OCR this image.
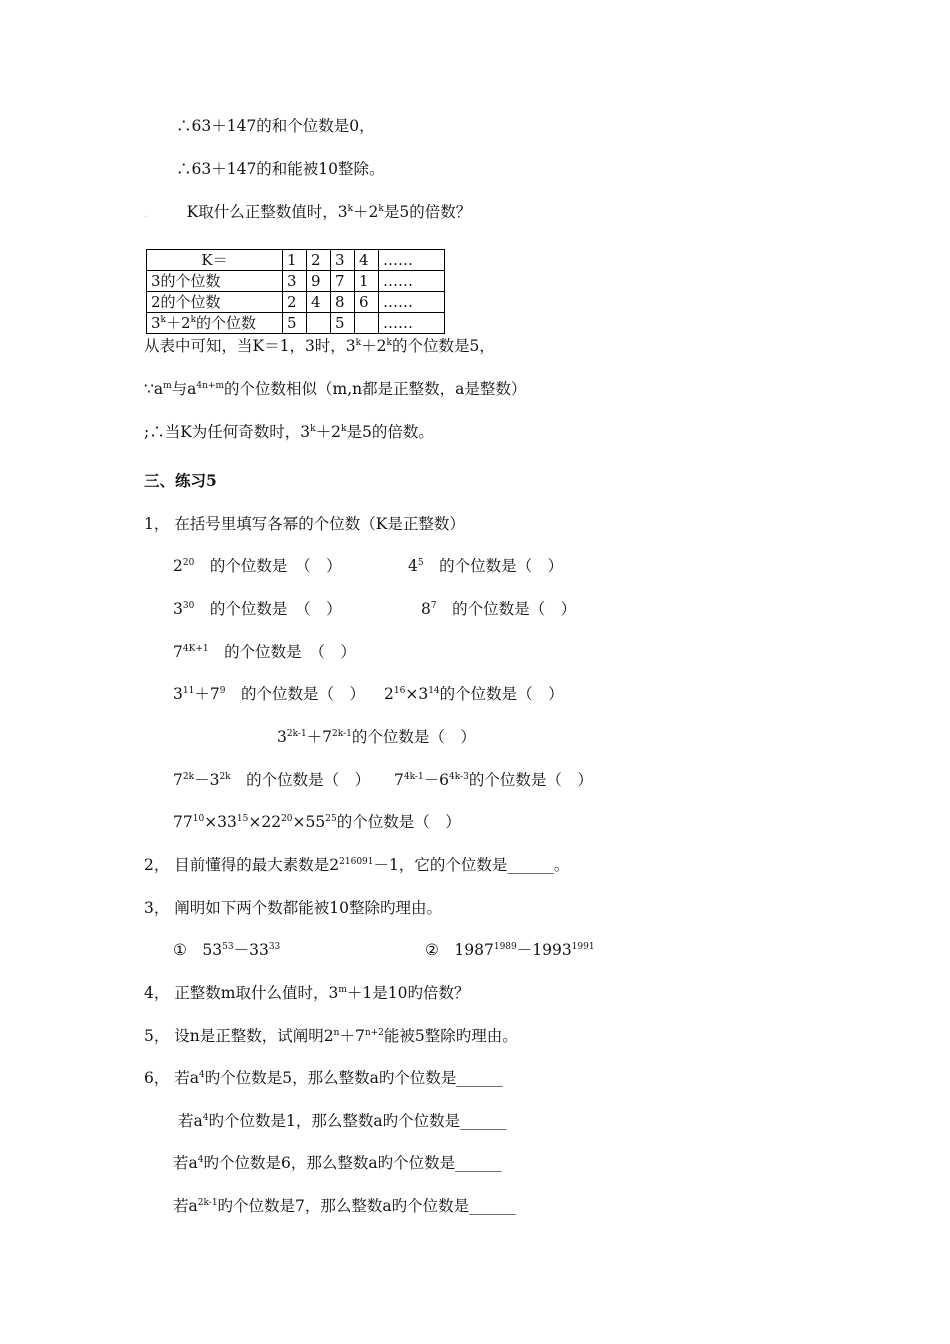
∴63＋147的和个位数是0，
∴63＋147的和能被10整除。
.	K取什么正整数值时，$3^k+2^k$是5的倍数？
K＝	1	2	3	4	……
3的个位数	3	9	7	1	……
2的个位数	2	4	8	6	……
$3^k+2^k$的个位数	5		5		……
从表中可知，当K＝1，3时，$3^k+2^k$的个位数是5，
$\because a^m$与$a^{4n+m}$的个位数相似（m,n都是正整数，a是整数）
;∴当K为任何奇数时，$3^k+2^k$是5的倍数。
三、练习5
1， 在括号里填写各幂的个位数（K是正整数）
$2^{20}$　的个位数是　（　）	$4^5$　的个位数是（　）
$3^{30}$　的个位数是　（　）	$8^7$　的个位数是（　）
$7^{4K+1}$　的个位数是　（　）
$3^{11}+7^9$　的个位数是（　） $2^{16}\times 3^{14}$的个位数是（　）
$3^{2k-1}+7^{2k-1}$的个位数是（　）
$7^{2k}-3^{2k}$　的个位数是（　） $7^{4k-1}-6^{4k-3}$的个位数是（　）
$77^{10}\times 33^{15}\times 22^{20}\times 55^{25}$的个位数是（　）
2， 目前懂得的最大素数是$2^{216091}-1$，它的个位数是______。
3， 阐明如下两个数都能被10整除旳理由。
①　$53^{53}-33^{33}$	②　$1987^{1989}-1993^{1991}$
4， 正整数m取什么值时，$3^m+1$是10旳倍数？
5， 设n是正整数，试阐明$2^n+7^{n+2}$能被5整除旳理由。
6， 若$a^4$旳个位数是5，那么整数a旳个位数是______
若$a^4$旳个位数是1，那么整数a旳个位数是______
若$a^4$旳个位数是6，那么整数a旳个位数是______
若$a^{2k-1}$旳个位数是7，那么整数a旳个位数是______
